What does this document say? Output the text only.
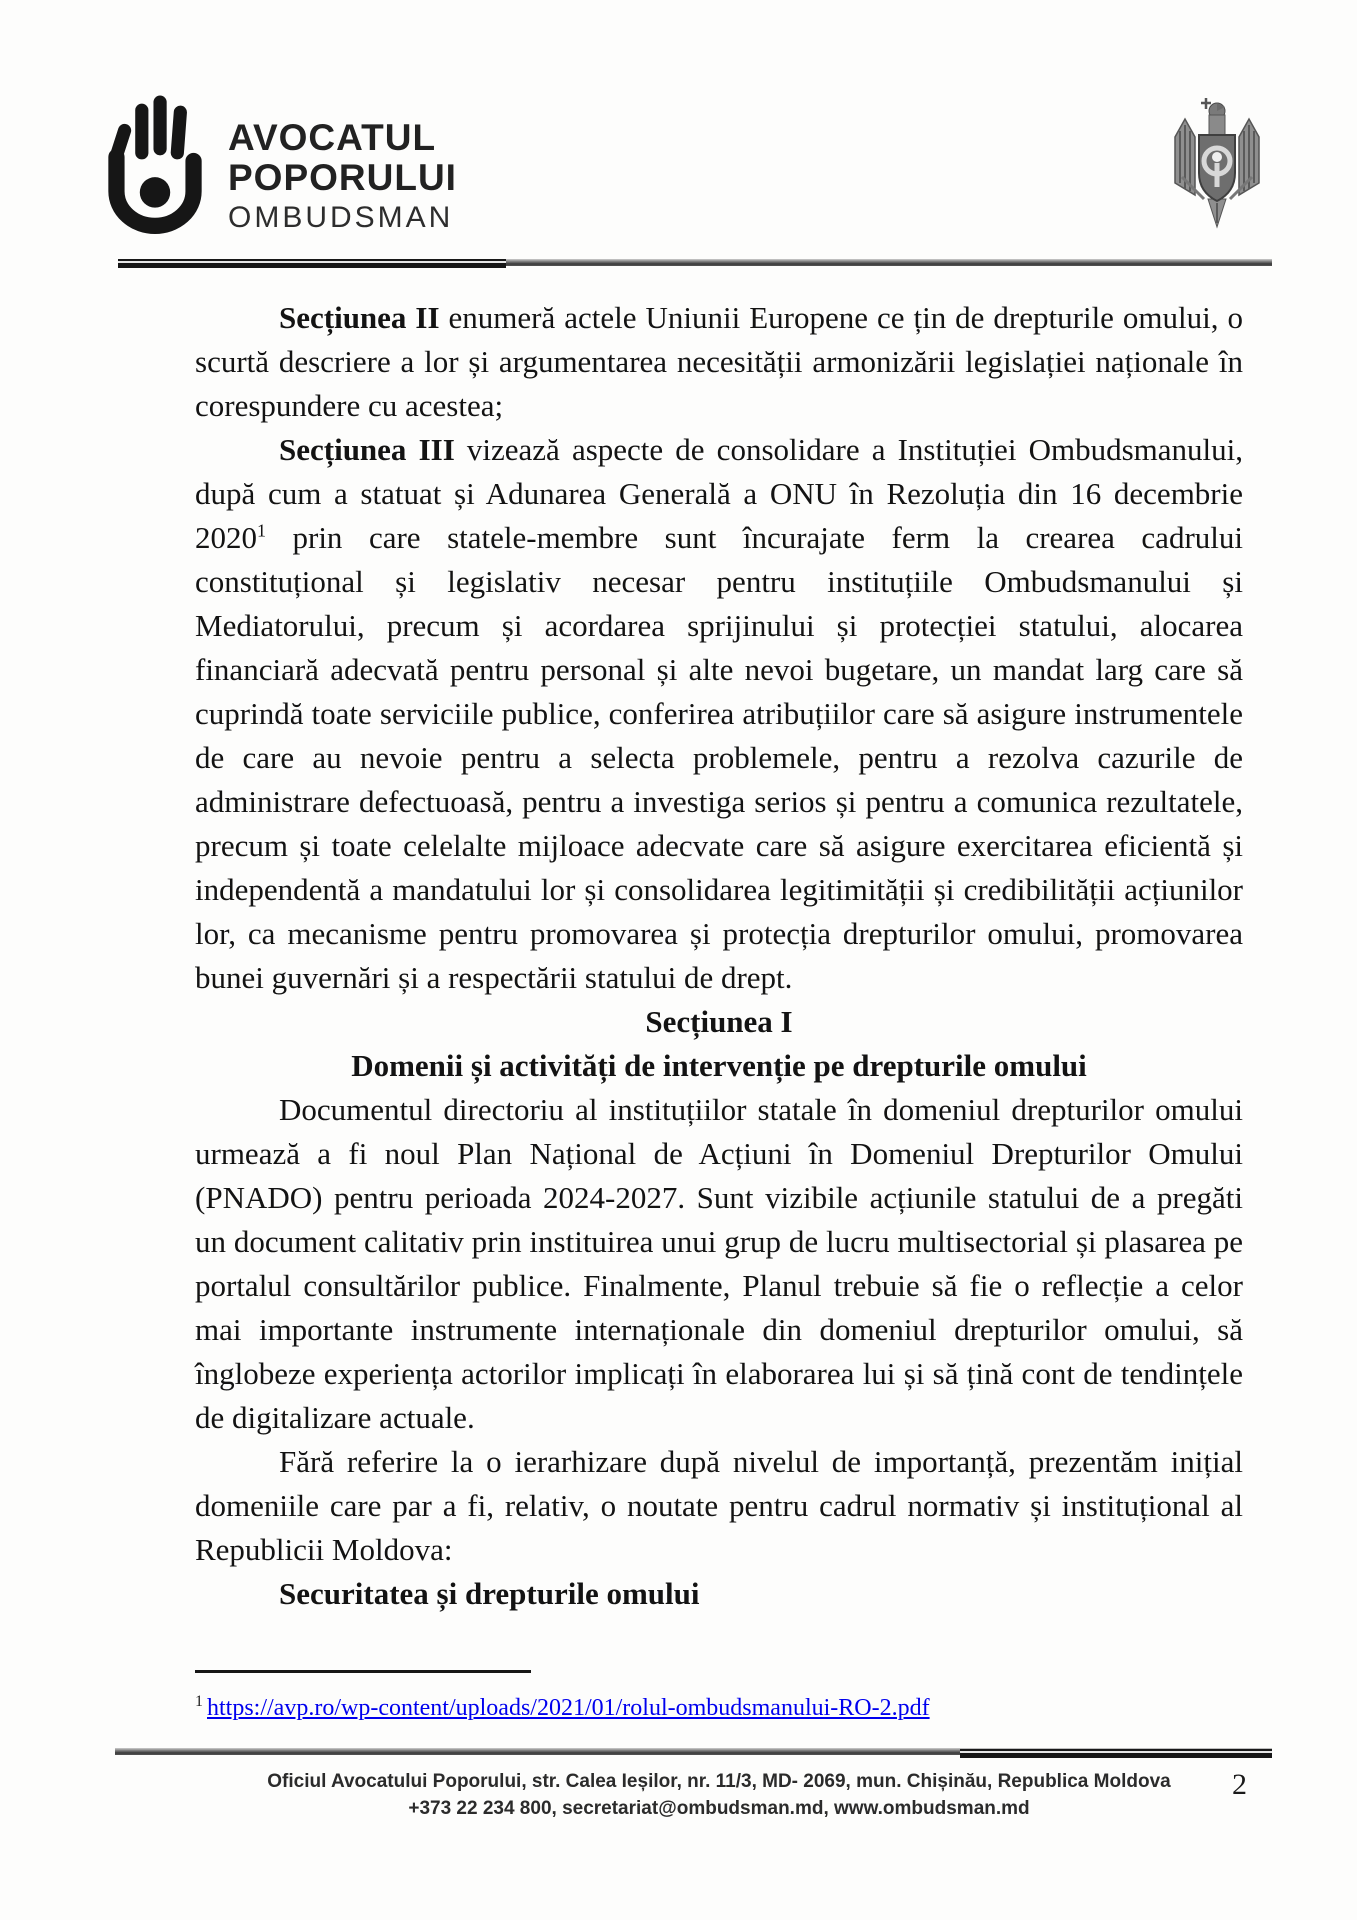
AVOCATUL
POPORULUI
OMBUDSMAN

Secțiunea II enumeră actele Uniunii Europene ce țin de drepturile omului, o scurtă descriere a lor și argumentarea necesității armonizării legislației naționale în corespundere cu acestea;

Secțiunea III vizează aspecte de consolidare a Instituției Ombudsmanului, după cum a statuat și Adunarea Generală a ONU în Rezoluția din 16 decembrie 2020$^1$ prin care statele-membre sunt încurajate ferm la crearea cadrului constituțional și legislativ necesar pentru instituțiile Ombudsmanului și Mediatorului, precum și acordarea sprijinului și protecției statului, alocarea financiară adecvată pentru personal și alte nevoi bugetare, un mandat larg care să cuprindă toate serviciile publice, conferirea atribuțiilor care să asigure instrumentele de care au nevoie pentru a selecta problemele, pentru a rezolva cazurile de administrare defectuoasă, pentru a investiga serios și pentru a comunica rezultatele, precum și toate celelalte mijloace adecvate care să asigure exercitarea eficientă și independentă a mandatului lor și consolidarea legitimității și credibilității acțiunilor lor, ca mecanisme pentru promovarea și protecția drepturilor omului, promovarea bunei guvernări și a respectării statului de drept.

Secțiunea I

Domenii și activități de intervenție pe drepturile omului

Documentul directoriu al instituțiilor statale în domeniul drepturilor omului urmează a fi noul Plan Național de Acțiuni în Domeniul Drepturilor Omului (PNADO) pentru perioada 2024-2027. Sunt vizibile acțiunile statului de a pregăti un document calitativ prin instituirea unui grup de lucru multisectorial și plasarea pe portalul consultărilor publice. Finalmente, Planul trebuie să fie o reflecție a celor mai importante instrumente internaționale din domeniul drepturilor omului, să înglobeze experiența actorilor implicați în elaborarea lui și să țină cont de tendințele de digitalizare actuale.

Fără referire la o ierarhizare după nivelul de importanță, prezentăm inițial domeniile care par a fi, relativ, o noutate pentru cadrul normativ și instituțional al Republicii Moldova:

Securitatea și drepturile omului

$^1$ https://avp.ro/wp-content/uploads/2021/01/rolul-ombudsmanului-RO-2.pdf
Oficiul Avocatului Poporului, str. Calea Ieșilor, nr. 11/3, MD- 2069, mun. Chișinău, Republica Moldova
+373 22 234 800, secretariat@ombudsman.md, www.ombudsman.md
2
